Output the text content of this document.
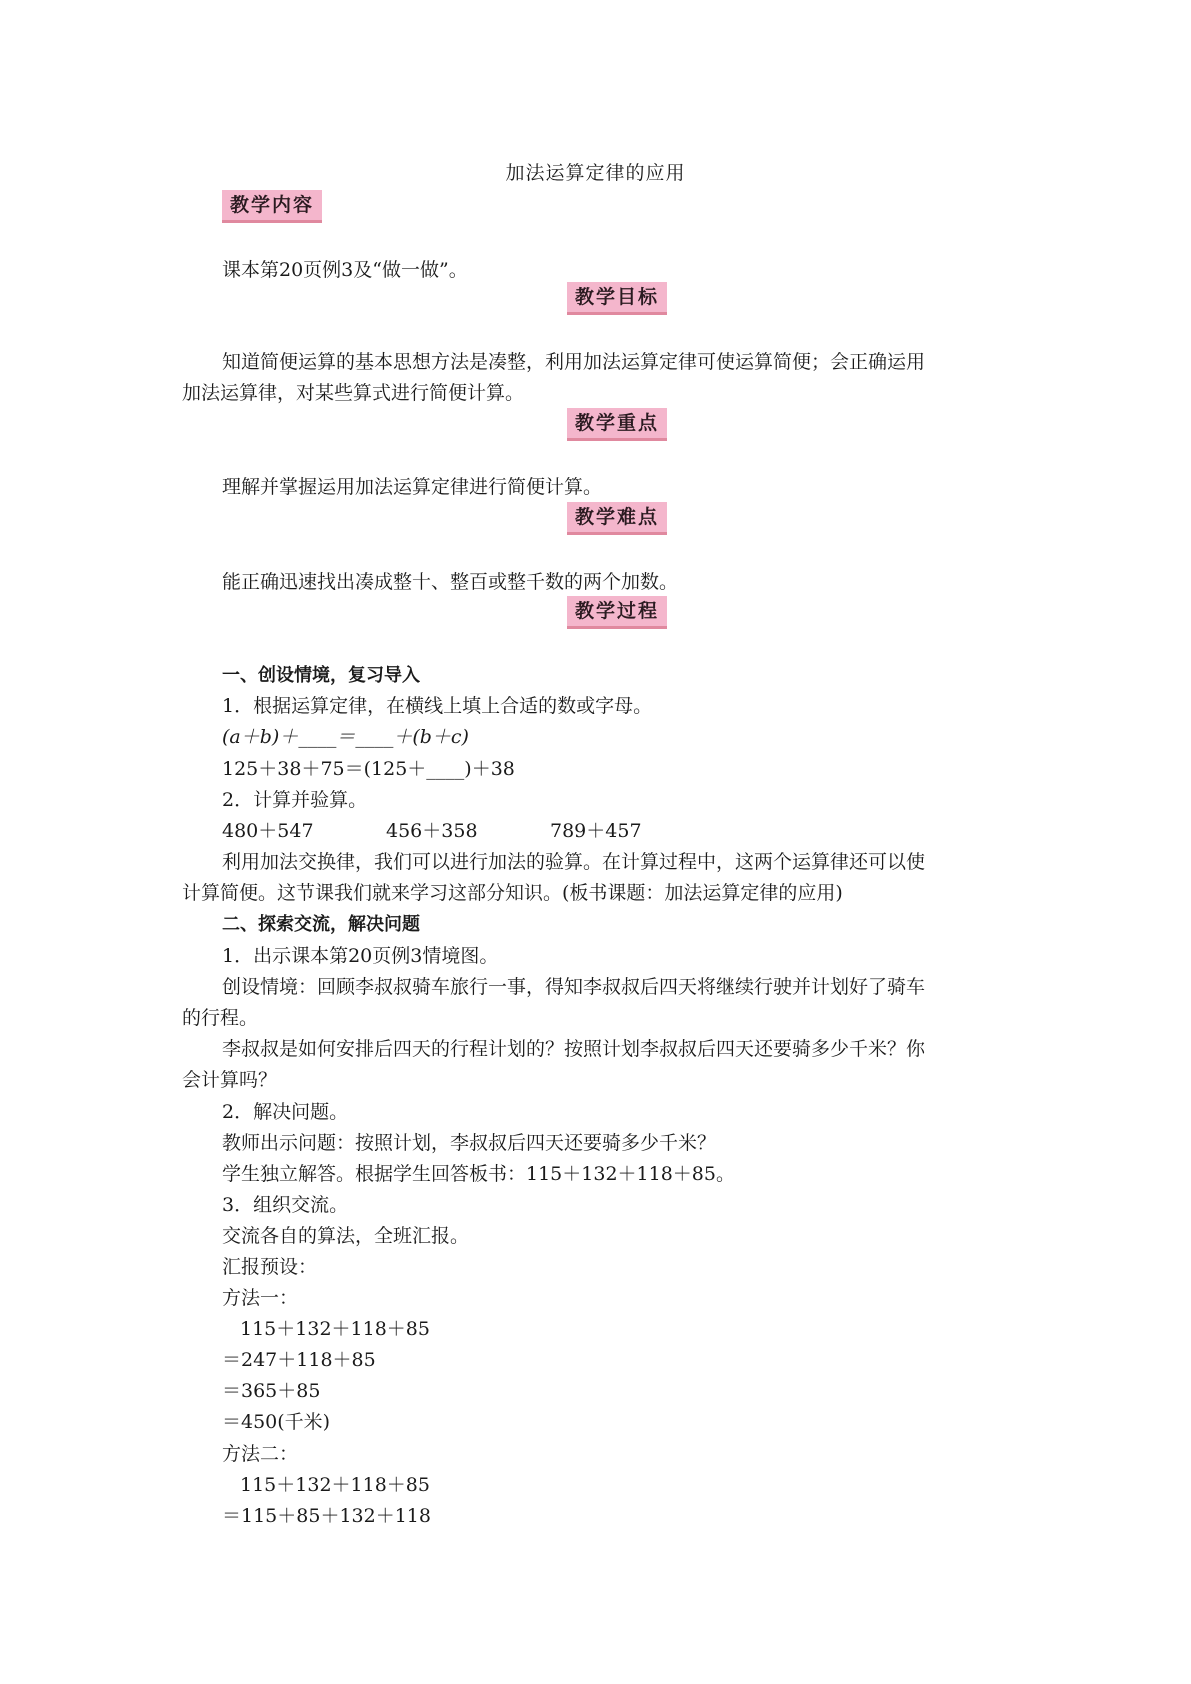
加法运算定律的应用
教学内容
课本第20页例3及“做一做”。
教学目标
知道简便运算的基本思想方法是凑整，利用加法运算定律可使运算简便；会正确运用
加法运算律，对某些算式进行简便计算。
教学重点
理解并掌握运用加法运算定律进行简便计算。
教学难点
能正确迅速找出凑成整十、整百或整千数的两个加数。
教学过程
一、创设情境，复习导入
1．根据运算定律，在横线上填上合适的数或字母。
(a＋b)＋____＝____＋(b＋c)
125＋38＋75＝(125＋____)＋38
2．计算并验算。
480＋547            456＋358            789＋457
利用加法交换律，我们可以进行加法的验算。在计算过程中，这两个运算律还可以使
计算简便。这节课我们就来学习这部分知识。(板书课题：加法运算定律的应用)
二、探索交流，解决问题
1．出示课本第20页例3情境图。
创设情境：回顾李叔叔骑车旅行一事，得知李叔叔后四天将继续行驶并计划好了骑车
的行程。
李叔叔是如何安排后四天的行程计划的？按照计划李叔叔后四天还要骑多少千米？你
会计算吗？
2．解决问题。
教师出示问题：按照计划，李叔叔后四天还要骑多少千米？
学生独立解答。根据学生回答板书：115＋132＋118＋85。
3．组织交流。
交流各自的算法，全班汇报。
汇报预设：
方法一：
115＋132＋118＋85
＝247＋118＋85
＝365＋85
＝450(千米)
方法二：
115＋132＋118＋85
＝115＋85＋132＋118
